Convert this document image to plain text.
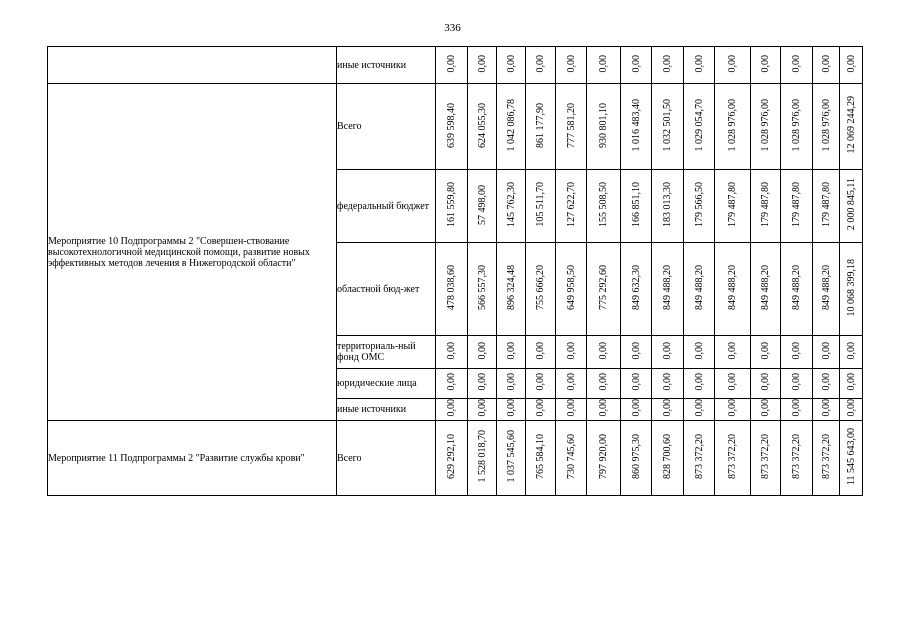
336
	иные источники	0,00	0,00	0,00	0,00	0,00	0,00	0,00	0,00	0,00	0,00	0,00	0,00	0,00	0,00
Мероприятие 10 Подпрограммы 2 "Совершен-ствование высокотехнологичной медицинской помощи, развитие новых эффективных методов лечения в Нижегородской области"	Всего	639 598,40	624 055,30	1 042 086,78	861 177,90	777 581,20	930 801,10	1 016 483,40	1 032 501,50	1 029 054,70	1 028 976,00	1 028 976,00	1 028 976,00	1 028 976,00	12 069 244,29
	федеральный бюджет	161 559,80	57 498,00	145 762,30	105 511,70	127 622,70	155 508,50	166 851,10	183 013,30	179 566,50	179 487,80	179 487,80	179 487,80	179 487,80	2 000 845,11
	областной бюд-жет	478 038,60	566 557,30	896 324,48	755 666,20	649 958,50	775 292,60	849 632,30	849 488,20	849 488,20	849 488,20	849 488,20	849 488,20	849 488,20	10 068 399,18
	территориаль-ный фонд ОМС	0,00	0,00	0,00	0,00	0,00	0,00	0,00	0,00	0,00	0,00	0,00	0,00	0,00	0,00
	юридические лица	0,00	0,00	0,00	0,00	0,00	0,00	0,00	0,00	0,00	0,00	0,00	0,00	0,00	0,00
	иные источники	0,00	0,00	0,00	0,00	0,00	0,00	0,00	0,00	0,00	0,00	0,00	0,00	0,00	0,00
Мероприятие 11 Подпрограммы 2 "Развитие службы крови"	Всего	629 292,10	1 528 018,70	1 037 545,60	765 584,10	730 745,60	797 920,00	860 975,30	828 700,60	873 372,20	873 372,20	873 372,20	873 372,20	873 372,20	11 545 643,00
